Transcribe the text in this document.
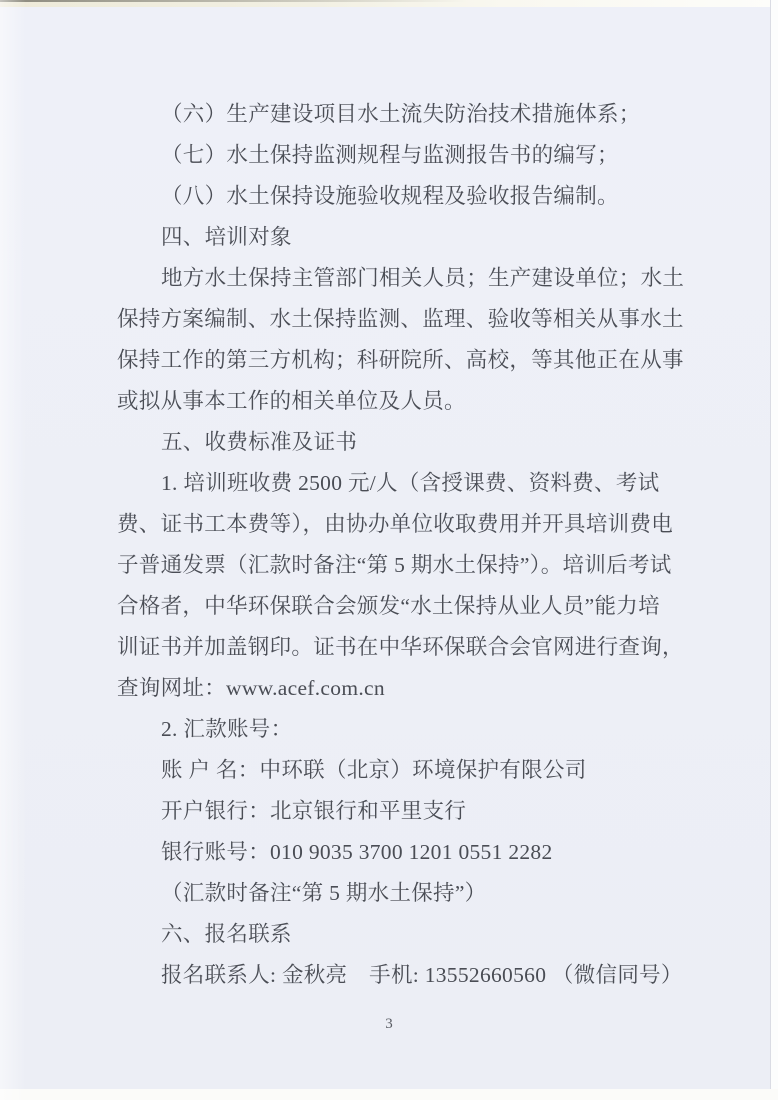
（六）生产建设项目水土流失防治技术措施体系；

（七）水土保持监测规程与监测报告书的编写；

（八）水土保持设施验收规程及验收报告编制。

四、培训对象

地方水土保持主管部门相关人员；生产建设单位；水土

保持方案编制、水土保持监测、监理、验收等相关从事水土

保持工作的第三方机构；科研院所、高校，等其他正在从事

或拟从事本工作的相关单位及人员。

五、收费标准及证书

1. 培训班收费 2500 元/人（含授课费、资料费、考试

费、证书工本费等），由协办单位收取费用并开具培训费电

子普通发票（汇款时备注“第 5 期水土保持”）。培训后考试

合格者，中华环保联合会颁发“水土保持从业人员”能力培

训证书并加盖钢印。证书在中华环保联合会官网进行查询，

查询网址：www.acef.com.cn

2. 汇款账号：

账 户 名：中环联（北京）环境保护有限公司

开户银行：北京银行和平里支行

银行账号：010 9035 3700 1201 0551 2282

（汇款时备注“第 5 期水土保持”）

六、报名联系

报名联系人: 金秋亮　手机: 13552660560 （微信同号）

3
